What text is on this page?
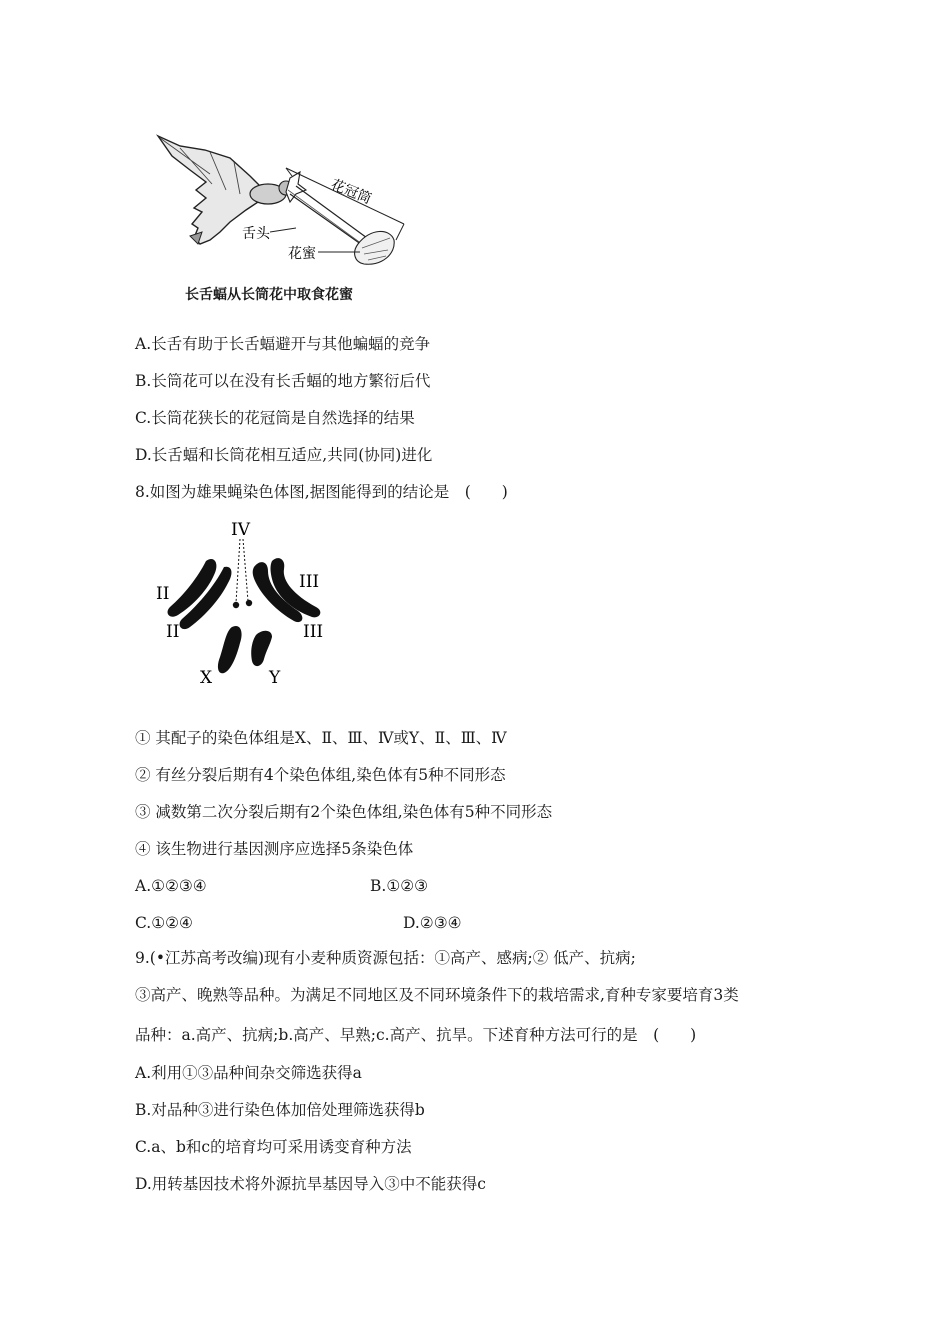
花冠筒
舌头
花蜜
长舌蝠从长筒花中取食花蜜
A.长舌有助于长舌蝠避开与其他蝙蝠的竞争
B.长筒花可以在没有长舌蝠的地方繁衍后代
C.长筒花狭长的花冠筒是自然选择的结果
D.长舌蝠和长筒花相互适应,共同(协同)进化
8.如图为雄果蝇染色体图,据图能得到的结论是　(　　)
IV
II
II
III
III
X	Y
① 其配子的染色体组是X、Ⅱ、Ⅲ、Ⅳ或Y、Ⅱ、Ⅲ、Ⅳ
② 有丝分裂后期有4个染色体组,染色体有5种不同形态
③ 减数第二次分裂后期有2个染色体组,染色体有5种不同形态
④ 该生物进行基因测序应选择5条染色体
A.①②③④	B.①②③
C.①②④	D.②③④
9.(•江苏高考改编)现有小麦种质资源包括：①高产、感病;② 低产、抗病;
③高产、晚熟等品种。为满足不同地区及不同环境条件下的栽培需求,育种专家要培育3类
品种：a.高产、抗病;b.高产、早熟;c.高产、抗旱。下述育种方法可行的是　(　　)
A.利用①③品种间杂交筛选获得a
B.对品种③进行染色体加倍处理筛选获得b
C.a、b和c的培育均可采用诱变育种方法
D.用转基因技术将外源抗旱基因导入③中不能获得c
